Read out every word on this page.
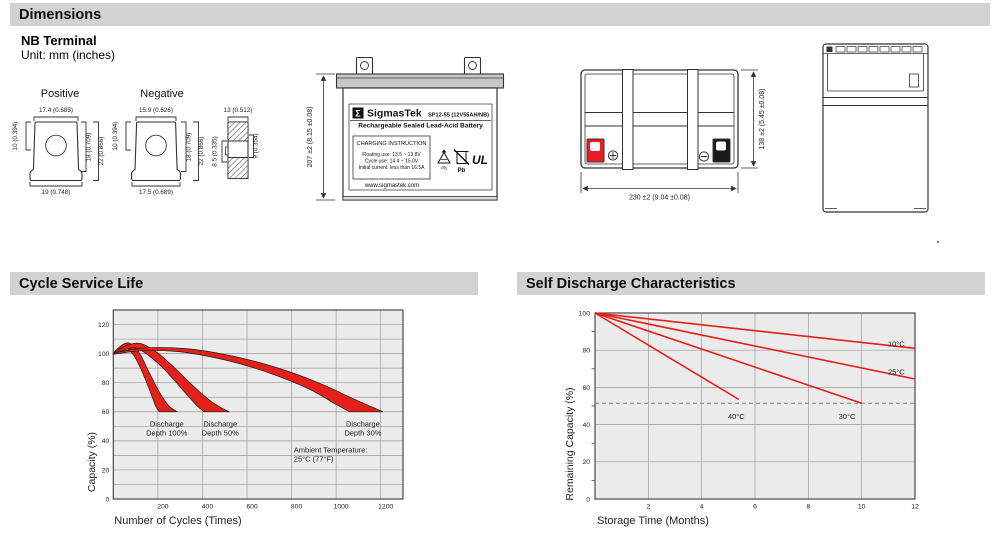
Dimensions
Cycle Service Life	Self Discharge Characteristics
NB Terminal
Unit: mm (inches)
Positive	Negative
17.4 (0.685)
10 (0.394)	18 (0.709) 22 (0.866)
19 (0.748)
15.9 (0.626)
10 (0.394)	18 (0.709) 22 (0.866)
17.5 (0.689)
13 (0.512)
8.5 (0.335)	9 (0.354)	207 ±2 (8.15 ±0.08)	Σ SigmasTek SP12-55 (12V55AH/NB)
Rechargeable Sealed Lead-Acid Battery
CHARGING INSTRUCTION
Floating use: 13.5 ~ 13.8V
Cycle use: 14.4 ~ 15.0V
Initial current: less than 16.5A	Pb Pb
UL
www.sigmastek.com
138 ±2 (5.45 ±0.08)
230 ±2 (9.04 ±0.08)
0
20
40
60
80
100
120
200	400	600	800	1000	1200
Discharge
Depth 100%
Discharge
Depth 50%
Discharge
Depth 30%
Ambient Temperature:
25°C (77°F)
Capacity (%)
Number of Cycles (Times)
10°C
25°C
30°C
40°C
0
20
40
60
80
100
2	4	6	8	10	12
Remaining Capacity (%)
Storage Time (Months)
